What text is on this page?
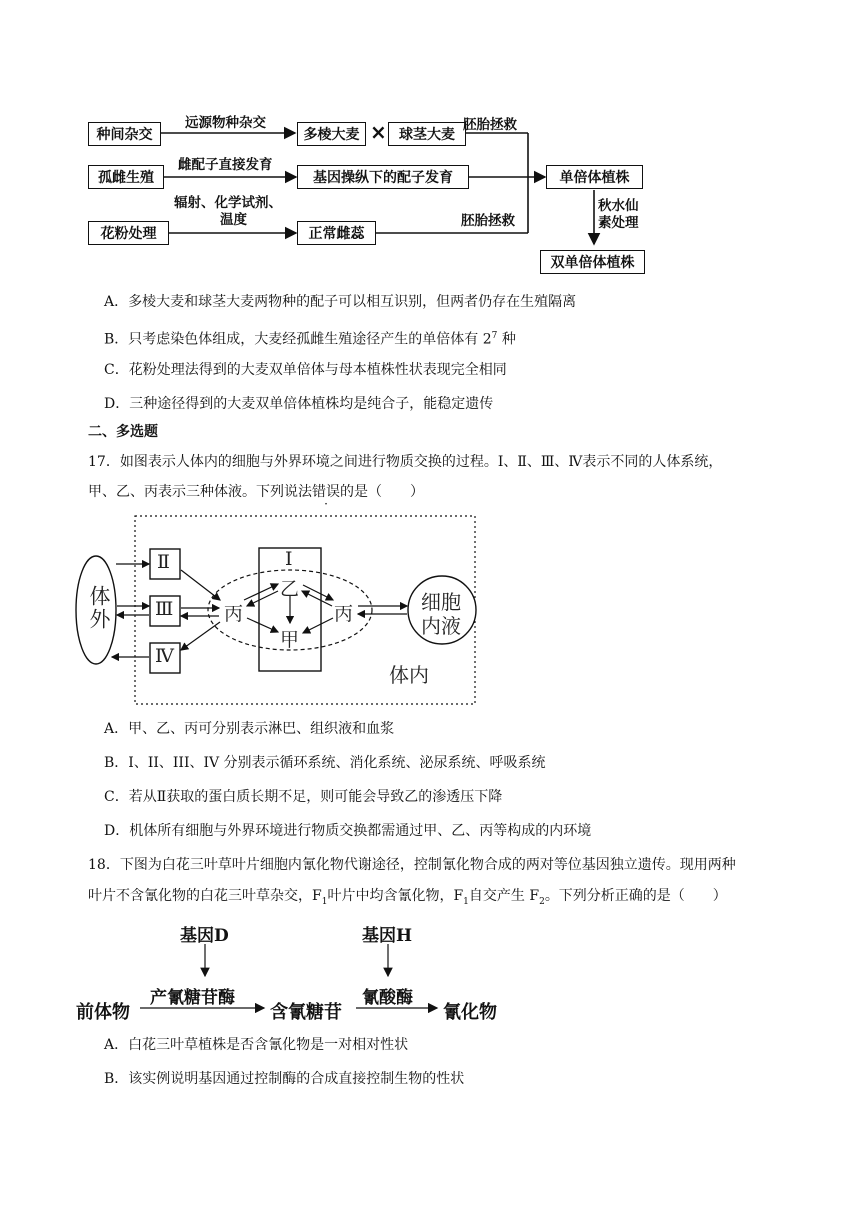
种间杂交
孤雌生殖
花粉处理
多棱大麦 × 球茎大麦
基因操纵下的配子发育
正常雌蕊
单倍体植株
双单倍体植株
远源物种杂交	胚胎拯救
雌配子直接发育
辐射、化学试剂、
温度	胚胎拯救
秋水仙
素处理
A．多棱大麦和球茎大麦两物种的配子可以相互识别，但两者仍存在生殖隔离
B．只考虑染色体组成，大麦经孤雌生殖途径产生的单倍体有 $2^7$ 种
C．花粉处理法得到的大麦双单倍体与母本植株性状表现完全相同
D．三种途径得到的大麦双单倍体植株均是纯合子，能稳定遗传
二、多选题
17．如图表示人体内的细胞与外界环境之间进行物质交换的过程。Ⅰ、Ⅱ、Ⅲ、Ⅳ表示不同的人体系统，
甲、乙、丙表示三种体液。下列说法错误的是（　　）
体外
Ⅱ
Ⅲ
Ⅳ
Ⅰ
丙
乙
甲
丙
细胞
内液
体内
A．甲、乙、丙可分别表示淋巴、组织液和血浆
B．I、II、III、IV 分别表示循环系统、消化系统、泌尿系统、呼吸系统
C．若从Ⅱ获取的蛋白质长期不足，则可能会导致乙的渗透压下降
D．机体所有细胞与外界环境进行物质交换都需通过甲、乙、丙等构成的内环境
18．下图为白花三叶草叶片细胞内氰化物代谢途径，控制氰化物合成的两对等位基因独立遗传。现用两种
叶片不含氰化物的白花三叶草杂交，$F_1$叶片中均含氰化物，$F_1$自交产生 $F_2$。下列分析正确的是（　　）
基因D	基因H
产氰糖苷酶	氰酸酶
前体物	含氰糖苷	氰化物
A．白花三叶草植株是否含氰化物是一对相对性状
B．该实例说明基因通过控制酶的合成直接控制生物的性状
